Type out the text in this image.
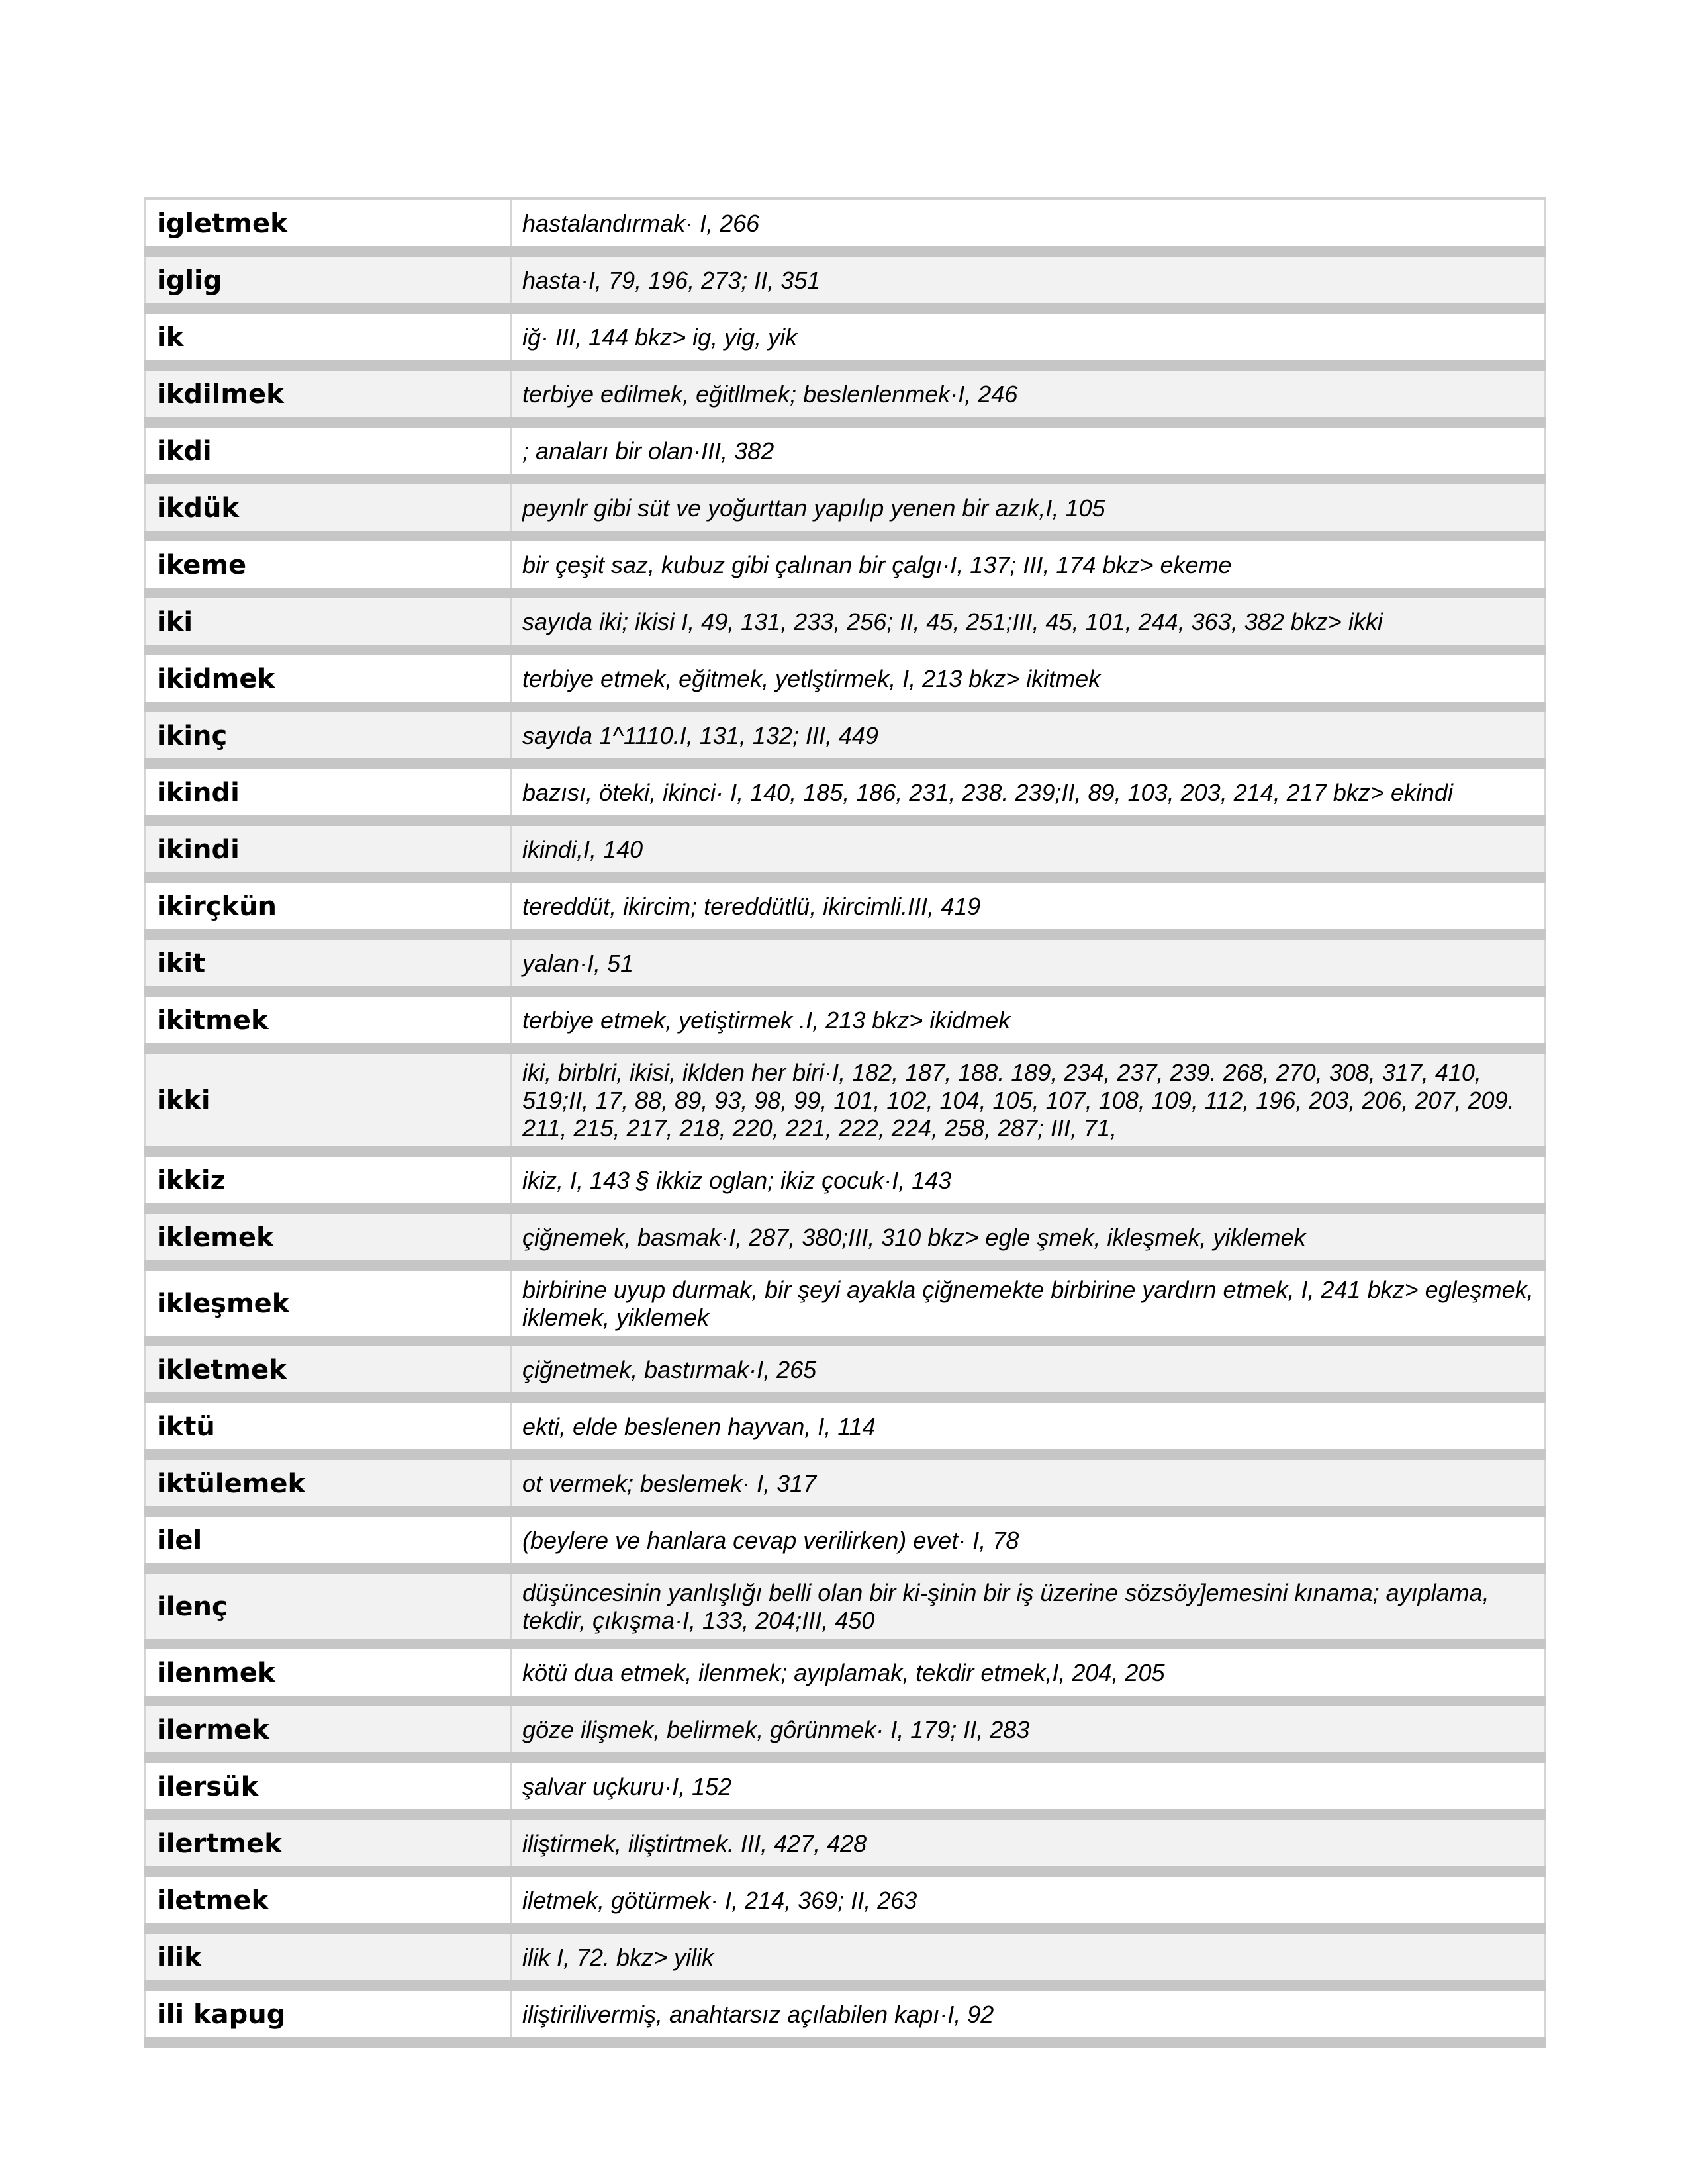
igletmek	hastalandırmak· I, 266
iglig	hasta·I, 79, 196, 273; II, 351
ik	iğ· III, 144 bkz> ig, yig, yik
ikdilmek	terbiye edilmek, eğitllmek; beslenlenmek·I, 246
ikdi	; anaları bir olan·III, 382
ikdük	peynlr gibi süt ve yoğurttan yapılıp yenen bir azık,I, 105
ikeme	bir çeşit saz, kubuz gibi çalınan bir çalgı·I, 137; III, 174 bkz> ekeme
iki	sayıda iki; ikisi I, 49, 131, 233, 256; II, 45, 251;III, 45, 101, 244, 363, 382 bkz> ikki
ikidmek	terbiye etmek, eğitmek, yetlştirmek, I, 213 bkz> ikitmek
ikinç	sayıda 1^1110.I, 131, 132; III, 449
ikindi	bazısı, öteki, ikinci· I, 140, 185, 186, 231, 238. 239;II, 89, 103, 203, 214, 217 bkz> ekindi
ikindi	ikindi,I, 140
ikirçkün	tereddüt, ikircim; tereddütlü, ikircimli.III, 419
ikit	yalan·I, 51
ikitmek	terbiye etmek, yetiştirmek .I, 213 bkz> ikidmek
ikki	iki, birblri, ikisi, iklden her biri·I, 182, 187, 188. 189, 234, 237, 239. 268, 270, 308, 317, 410, 519;II, 17, 88, 89, 93, 98, 99, 101, 102, 104, 105, 107, 108, 109, 112, 196, 203, 206, 207, 209. 211, 215, 217, 218, 220, 221, 222, 224, 258, 287; III, 71,
ikkiz	ikiz, I, 143 § ikkiz oglan; ikiz çocuk·I, 143
iklemek	çiğnemek, basmak·I, 287, 380;III, 310 bkz> egle şmek, ikleşmek, yiklemek
ikleşmek	birbirine uyup durmak, bir şeyi ayakla çiğnemekte birbirine yardırn etmek, I, 241 bkz> egleşmek, iklemek, yiklemek
ikletmek	çiğnetmek, bastırmak·I, 265
iktü	ekti, elde beslenen hayvan, I, 114
iktülemek	ot vermek; beslemek· I, 317
ilel	(beylere ve hanlara cevap verilirken) evet· I, 78
ilenç	düşüncesinin yanlışlığı belli olan bir ki-şinin bir iş üzerine sözsöy]emesini kınama; ayıplama, tekdir, çıkışma·I, 133, 204;III, 450
ilenmek	kötü dua etmek, ilenmek; ayıplamak, tekdir etmek,I, 204, 205
ilermek	göze ilişmek, belirmek, gôrünmek· I, 179; II, 283
ilersük	şalvar uçkuru·I, 152
ilertmek	iliştirmek, iliştirtmek. III, 427, 428
iletmek	iletmek, götürmek· I, 214, 369; II, 263
ilik	ilik I, 72. bkz> yilik
ili kapug	iliştirilivermiş, anahtarsız açılabilen kapı·I, 92
